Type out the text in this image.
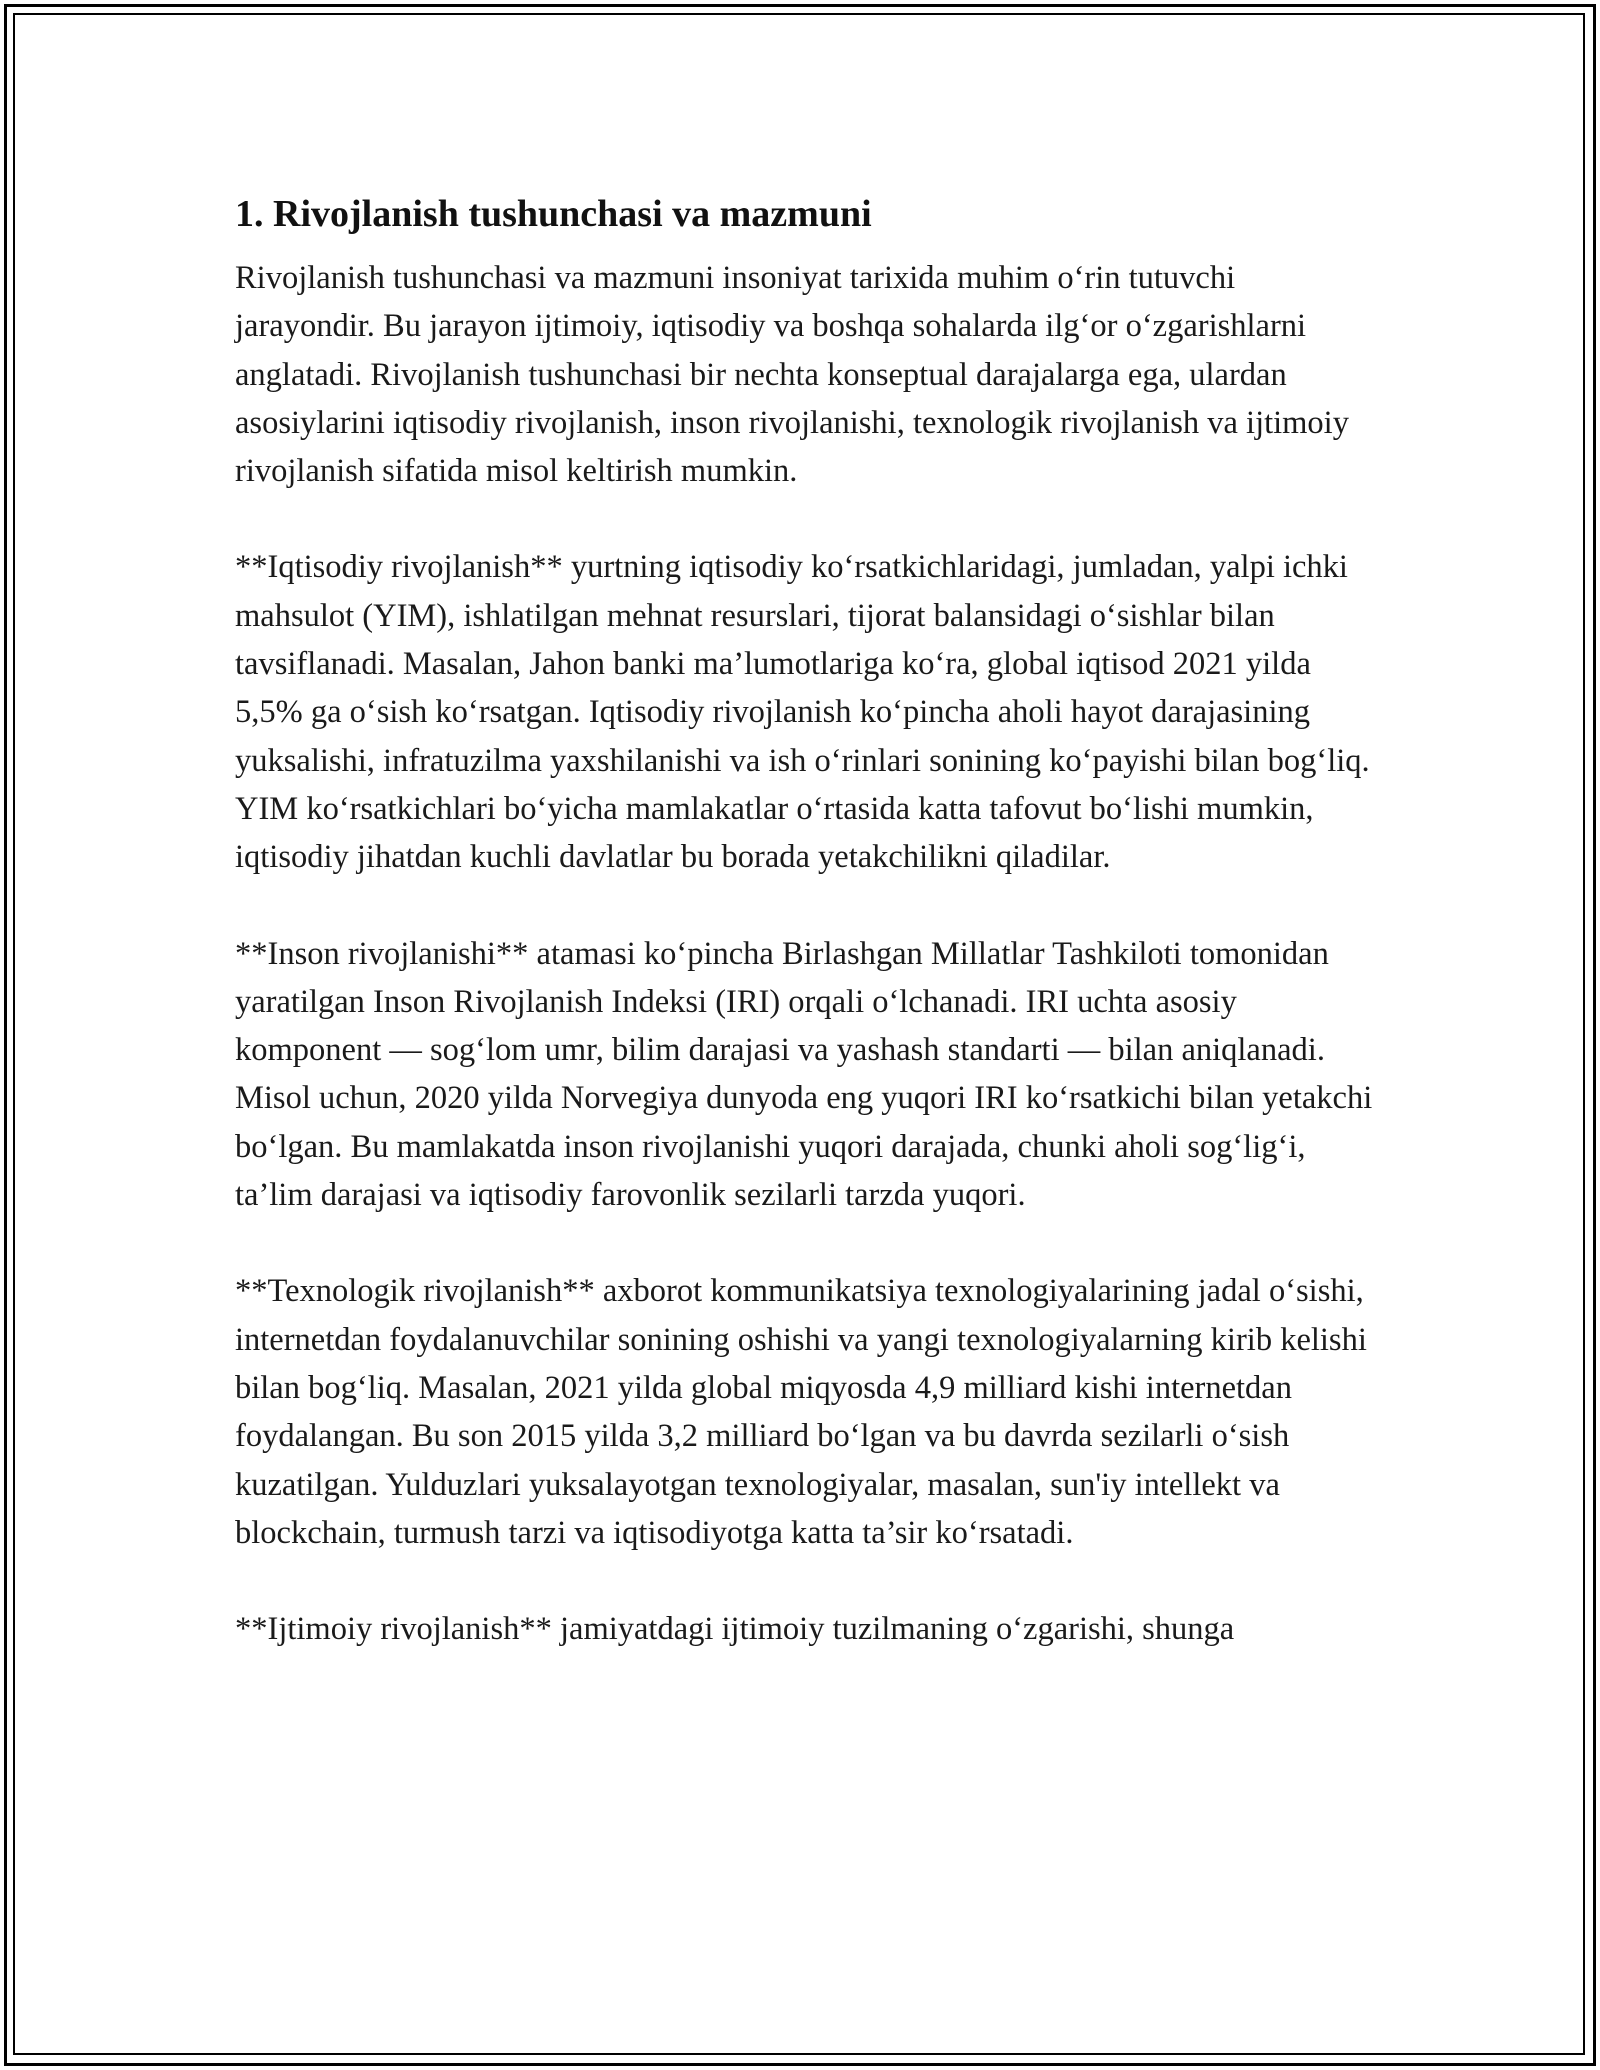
1. Rivojlanish tushunchasi va mazmuni

Rivojlanish tushunchasi va mazmuni insoniyat tarixida muhim o‘rin tutuvchi jarayondir. Bu jarayon ijtimoiy, iqtisodiy va boshqa sohalarda ilg‘or o‘zgarishlarni anglatadi. Rivojlanish tushunchasi bir nechta konseptual darajalarga ega, ulardan asosiylarini iqtisodiy rivojlanish, inson rivojlanishi, texnologik rivojlanish va ijtimoiy rivojlanish sifatida misol keltirish mumkin.

**Iqtisodiy rivojlanish** yurtning iqtisodiy ko‘rsatkichlaridagi, jumladan, yalpi ichki mahsulot (YIM), ishlatilgan mehnat resurslari, tijorat balansidagi o‘sishlar bilan tavsiflanadi. Masalan, Jahon banki ma’lumotlariga ko‘ra, global iqtisod 2021 yilda 5,5% ga o‘sish ko‘rsatgan. Iqtisodiy rivojlanish ko‘pincha aholi hayot darajasining yuksalishi, infratuzilma yaxshilanishi va ish o‘rinlari sonining ko‘payishi bilan bog‘liq. YIM ko‘rsatkichlari bo‘yicha mamlakatlar o‘rtasida katta tafovut bo‘lishi mumkin, iqtisodiy jihatdan kuchli davlatlar bu borada yetakchilikni qiladilar.

**Inson rivojlanishi** atamasi ko‘pincha Birlashgan Millatlar Tashkiloti tomonidan yaratilgan Inson Rivojlanish Indeksi (IRI) orqali o‘lchanadi. IRI uchta asosiy komponent — sog‘lom umr, bilim darajasi va yashash standarti — bilan aniqlanadi. Misol uchun, 2020 yilda Norvegiya dunyoda eng yuqori IRI ko‘rsatkichi bilan yetakchi bo‘lgan. Bu mamlakatda inson rivojlanishi yuqori darajada, chunki aholi sog‘lig‘i, ta’lim darajasi va iqtisodiy farovonlik sezilarli tarzda yuqori.

**Texnologik rivojlanish** axborot kommunikatsiya texnologiyalarining jadal o‘sishi, internetdan foydalanuvchilar sonining oshishi va yangi texnologiyalarning kirib kelishi bilan bog‘liq. Masalan, 2021 yilda global miqyosda 4,9 milliard kishi internetdan foydalangan. Bu son 2015 yilda 3,2 milliard bo‘lgan va bu davrda sezilarli o‘sish kuzatilgan. Yulduzlari yuksalayotgan texnologiyalar, masalan, sun'iy intellekt va blockchain, turmush tarzi va iqtisodiyotga katta ta’sir ko‘rsatadi.

**Ijtimoiy rivojlanish** jamiyatdagi ijtimoiy tuzilmaning o‘zgarishi, shunga
